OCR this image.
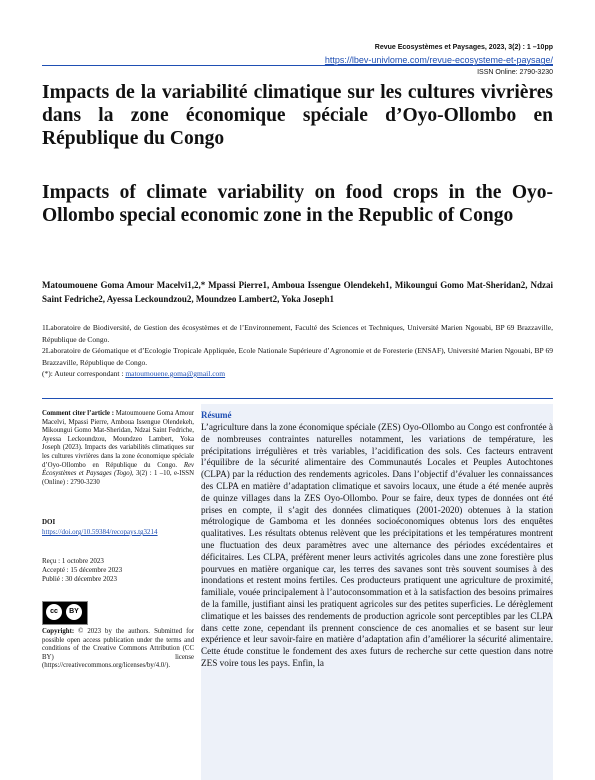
Revue Ecosystèmes et Paysages, 2023, 3(2) : 1 –10pp
https://lbev-univlome.com/revue-ecosysteme-et-paysage/
ISSN Online: 2790-3230
Impacts de la variabilité climatique sur les cultures vivrières dans la zone économique spéciale d’Oyo-Ollombo en République du Congo
Impacts of climate variability on food crops in the Oyo-Ollombo special economic zone in the Republic of Congo

Matoumouene Goma Amour Macelvi1,2,* Mpassi Pierre1, Amboua Issengue Olendekeh1, Mikoungui Gomo Mat-Sheridan2, Ndzai Saint Fedriche2, Ayessa Leckoundzou2, Moundzeo Lambert2, Yoka Joseph1

1Laboratoire de Biodiversité, de Gestion des écosystèmes et de l’Environnement, Faculté des Sciences et Techniques, Université Marien Ngouabi, BP 69 Brazzaville, République de Congo.

2Laboratoire de Géomatique et d’Ecologie Tropicale Appliquée, Ecole Nationale Supérieure d’Agronomie et de Foresterie (ENSAF), Université Marien Ngouabi, BP 69 Brazzaville, République de Congo.

(*): Auteur correspondant : matoumouene.goma@gmail.com

Comment citer l’article : Matoumouene Goma Amour Macelvi, Mpassi Pierre, Amboua Issengue Olendekeh, Mikoungui Gomo Mat-Sheridan, Ndzai Saint Fedriche, Ayessa Leckoundzou, Moundzeo Lambert, Yoka Joseph (2023). Impacts des variabilités climatiques sur les cultures vivrières dans la zone économique spéciale d’Oyo-Ollombo en République du Congo. Rev Écosystèmes et Paysages (Togo), 3(2) : 1 –10, e-ISSN (Online) : 2790-3230

DOI
https://doi.org/10.59384/recopays.tg3214
Reçu : 1 octobre 2023
Accepté : 15 décembre 2023
Publié : 30 décembre 2023
cc	BY
Copyright: © 2023 by the authors. Submitted for possible open access publication under the terms and conditions of the Creative Commons Attribution (CC BY) license (https://creativecommons.org/licenses/by/4.0/).
Résumé

L’agriculture dans la zone économique spéciale (ZES) Oyo-Ollombo au Congo est confrontée à de nombreuses contraintes naturelles notamment, les variations de température, les précipitations irrégulières et très variables, l’acidification des sols. Ces facteurs entravent l’équilibre de la sécurité alimentaire des Communautés Locales et Peuples Autochtones (CLPA) par la réduction des rendements agricoles. Dans l’objectif d’évaluer les connaissances des CLPA en matière d’adaptation climatique et savoirs locaux, une étude a été menée auprès de quinze villages dans la ZES Oyo-Ollombo. Pour se faire, deux types de données ont été prises en compte, il s’agit des données climatiques (2001-2020) obtenues à la station métrologique de Gamboma et les données socioéconomiques obtenus lors des enquêtes qualitatives. Les résultats obtenus relèvent que les précipitations et les températures montrent une fluctuation des deux paramètres avec une alternance des périodes excédentaires et déficitaires. Les CLPA, préfèrent mener leurs activités agricoles dans une zone forestière plus pourvues en matière organique car, les terres des savanes sont très souvent soumises à des inondations et restent moins fertiles. Ces producteurs pratiquent une agriculture de proximité, familiale, vouée principalement à l’autoconsommation et à la satisfaction des besoins primaires de la famille, justifiant ainsi les pratiquent agricoles sur des petites superficies. Le dérèglement climatique et les baisses des rendements de production agricole sont perceptibles par les CLPA dans cette zone, cependant ils prennent conscience de ces anomalies et se basent sur leur expérience et leur savoir-faire en matière d’adaptation afin d’améliorer la sécurité alimentaire. Cette étude constitue le fondement des axes futurs de recherche sur cette question dans notre ZES voire tous les pays. Enfin, la
